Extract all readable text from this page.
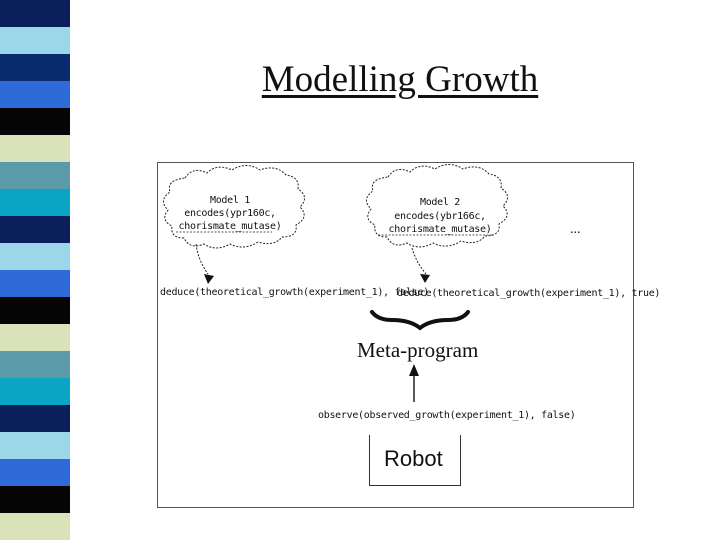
Modelling Growth
Model 1
encodes(ypr160c,
chorismate_mutase)
Model 2
encodes(ybr166c,
chorismate_mutase)	...
deduce(theoretical_growth(experiment_1), false)
deduce(theoretical_growth(experiment_1), true)
Meta-program
observe(observed_growth(experiment_1), false)
Robot
